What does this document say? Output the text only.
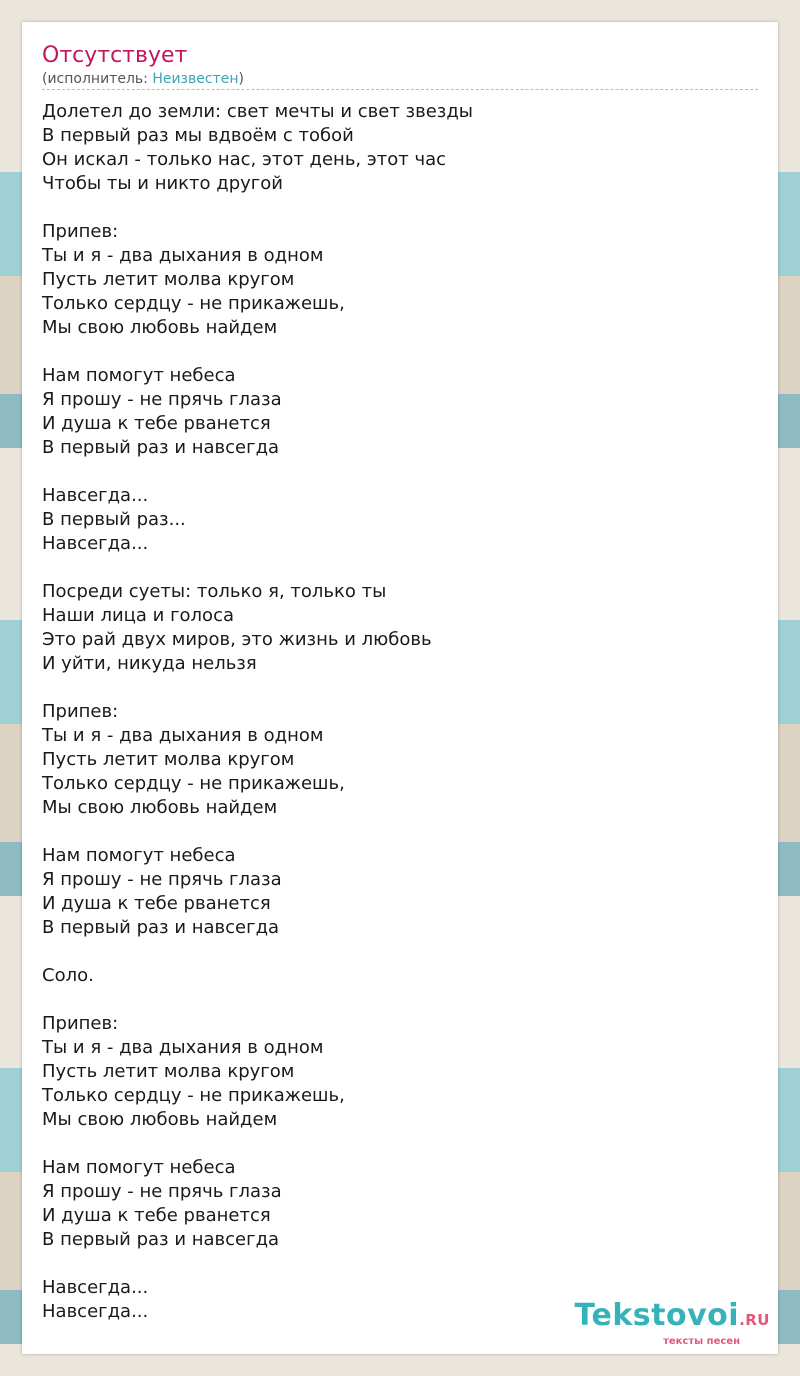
Отсутствует
(исполнитель: Неизвестен)
Долетел до земли: свет мечты и свет звезды
В первый раз мы вдвоём с тобой
Он искал - только нас, этот день, этот час
Чтобы ты и никто другой
Припев:
Ты и я - два дыхания в одном
Пусть летит молва кругом
Только сердцу - не прикажешь,
Мы свою любовь найдем
Нам помогут небеса
Я прошу - не прячь глаза
И душа к тебе рванется
В первый раз и навсегда
Навсегда...
В первый раз...
Навсегда...
Посреди суеты: только я, только ты
Наши лица и голоса
Это рай двух миров, это жизнь и любовь
И уйти, никуда нельзя
Припев:
Ты и я - два дыхания в одном
Пусть летит молва кругом
Только сердцу - не прикажешь,
Мы свою любовь найдем
Нам помогут небеса
Я прошу - не прячь глаза
И душа к тебе рванется
В первый раз и навсегда
Соло.
Припев:
Ты и я - два дыхания в одном
Пусть летит молва кругом
Только сердцу - не прикажешь,
Мы свою любовь найдем
Нам помогут небеса
Я прошу - не прячь глаза
И душа к тебе рванется
В первый раз и навсегда
Навсегда...
Навсегда...	Tekstovoi.RU
тексты песен
